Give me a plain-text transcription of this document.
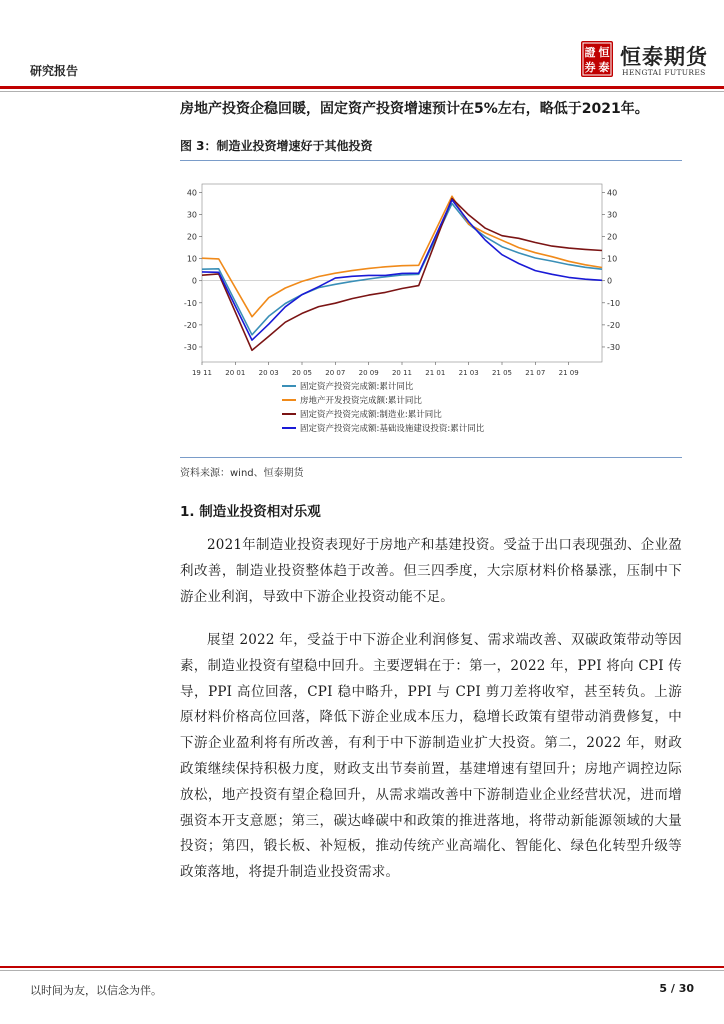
研究报告
證 恒
券 泰 恒泰期货
HENGTAI FUTURES
房地产投资企稳回暖，固定资产投资增速预计在5%左右，略低于2021年。
图 3：制造业投资增速好于其他投资
40	40
30	30
20	20
10	10
0	0
-10	-10
-20	-20
-30	-30
19 11 20 01 20 03 20 05 20 07 20 09 20 11 21 01 21 03 21 05 21 07 21 09
固定资产投资完成额:累计同比
房地产开发投资完成额:累计同比
固定资产投资完成额:制造业:累计同比
固定资产投资完成额:基础设施建设投资:累计同比
资料来源：wind、恒泰期货
1. 制造业投资相对乐观

2021年制造业投资表现好于房地产和基建投资。受益于出口表现强劲、企业盈利改善，制造业投资整体趋于改善。但三四季度，大宗原材料价格暴涨，压制中下游企业利润，导致中下游企业投资动能不足。

展望 2022 年，受益于中下游企业利润修复、需求端改善、双碳政策带动等因素，制造业投资有望稳中回升。主要逻辑在于：第一，2022 年，PPI 将向 CPI 传导，PPI 高位回落，CPI 稳中略升，PPI 与 CPI 剪刀差将收窄，甚至转负。上游原材料价格高位回落，降低下游企业成本压力，稳增长政策有望带动消费修复，中下游企业盈利将有所改善，有利于中下游制造业扩大投资。第二，2022 年，财政政策继续保持积极力度，财政支出节奏前置，基建增速有望回升；房地产调控边际放松，地产投资有望企稳回升，从需求端改善中下游制造业企业经营状况，进而增强资本开支意愿；第三，碳达峰碳中和政策的推进落地，将带动新能源领域的大量投资；第四，锻长板、补短板，推动传统产业高端化、智能化、绿色化转型升级等政策落地，将提升制造业投资需求。

以时间为友，以信念为伴。	5 / 30
